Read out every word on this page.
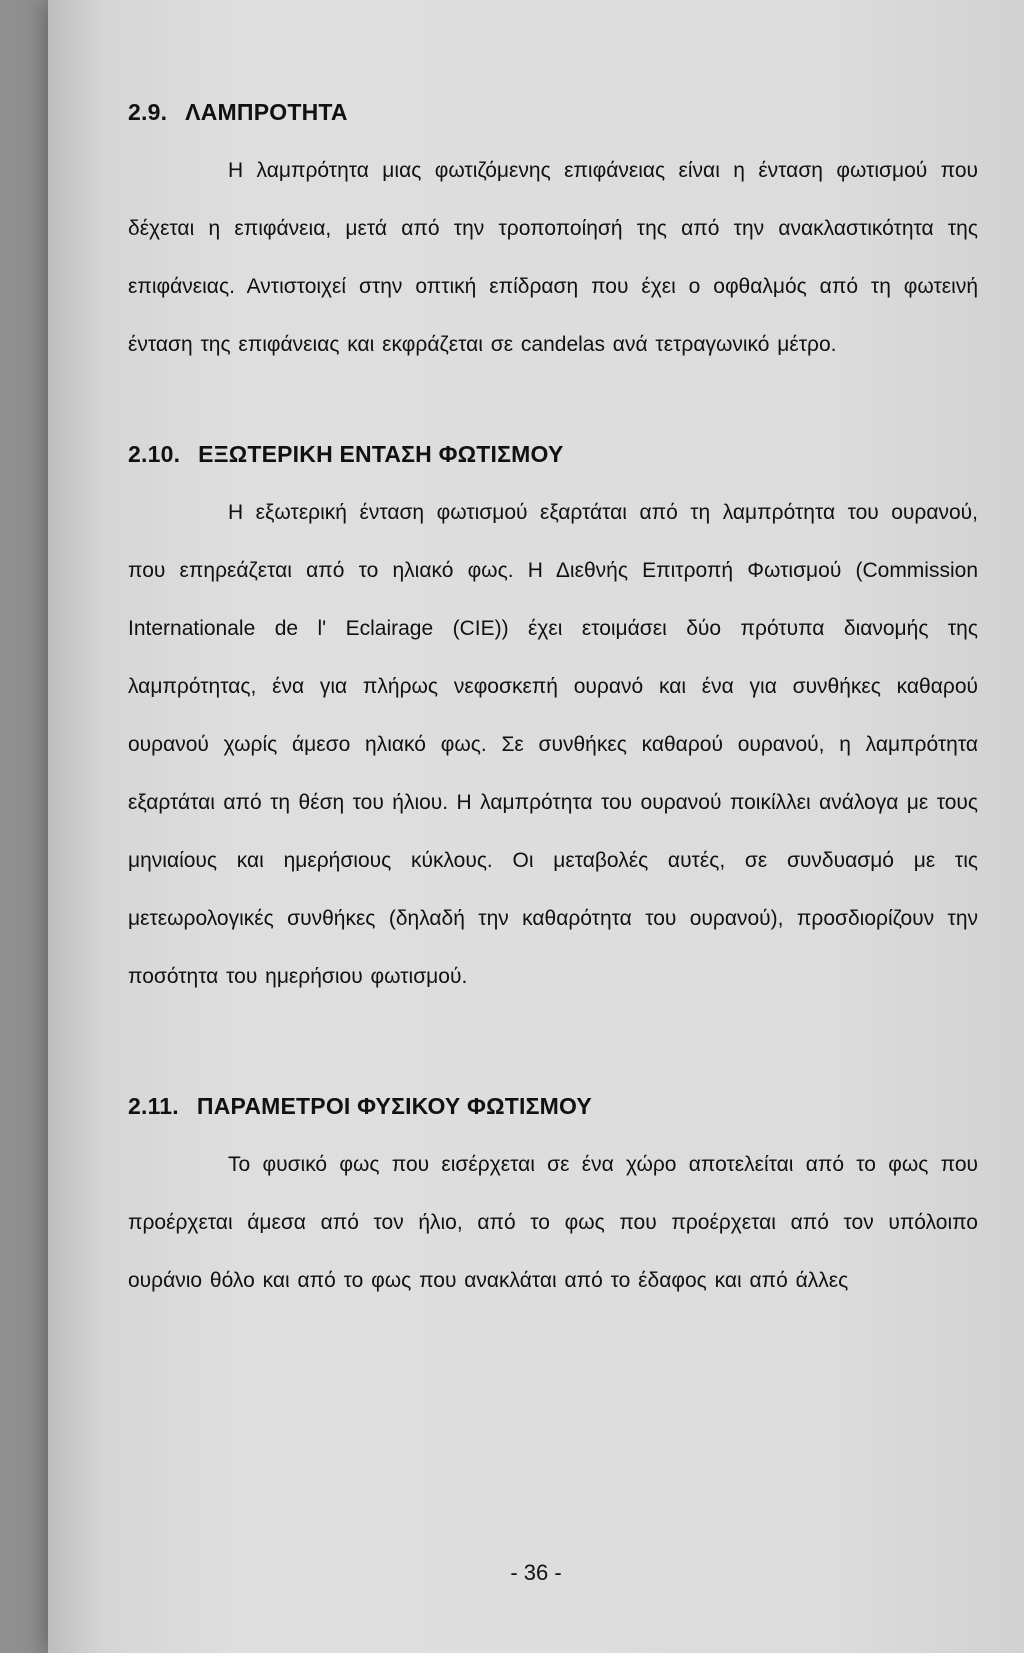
2.9. ΛΑΜΠΡΟΤΗΤΑ

Η λαμπρότητα μιας φωτιζόμενης επιφάνειας είναι η ένταση φωτισμού που δέχεται η επιφάνεια, μετά από την τροποποίησή της από την ανακλαστικότητα της επιφάνειας. Αντιστοιχεί στην οπτική επίδραση που έχει ο οφθαλμός από τη φωτεινή ένταση της επιφάνειας και εκφράζεται σε candelas ανά τετραγωνικό μέτρο.

2.10. ΕΞΩΤΕΡΙΚΗ ΕΝΤΑΣΗ ΦΩΤΙΣΜΟΥ

Η εξωτερική ένταση φωτισμού εξαρτάται από τη λαμπρότητα του ουρανού, που επηρεάζεται από το ηλιακό φως. Η Διεθνής Επιτροπή Φωτισμού (Commission Internationale de l' Eclairage (CIE)) έχει ετοιμάσει δύο πρότυπα διανομής της λαμπρότητας, ένα για πλήρως νεφοσκεπή ουρανό και ένα για συνθήκες καθαρού ουρανού χωρίς άμεσο ηλιακό φως. Σε συνθήκες καθαρού ουρανού, η λαμπρότητα εξαρτάται από τη θέση του ήλιου. Η λαμπρότητα του ουρανού ποικίλλει ανάλογα με τους μηνιαίους και ημερήσιους κύκλους. Οι μεταβολές αυτές, σε συνδυασμό με τις μετεωρολογικές συνθήκες (δηλαδή την καθαρότητα του ουρανού), προσδιορίζουν την ποσότητα του ημερήσιου φωτισμού.

2.11. ΠΑΡΑΜΕΤΡΟΙ ΦΥΣΙΚΟΥ ΦΩΤΙΣΜΟΥ

Το φυσικό φως που εισέρχεται σε ένα χώρο αποτελείται από το φως που προέρχεται άμεσα από τον ήλιο, από το φως που προέρχεται από τον υπόλοιπο ουράνιο θόλο και από το φως που ανακλάται από το έδαφος και από άλλες

- 36 -
